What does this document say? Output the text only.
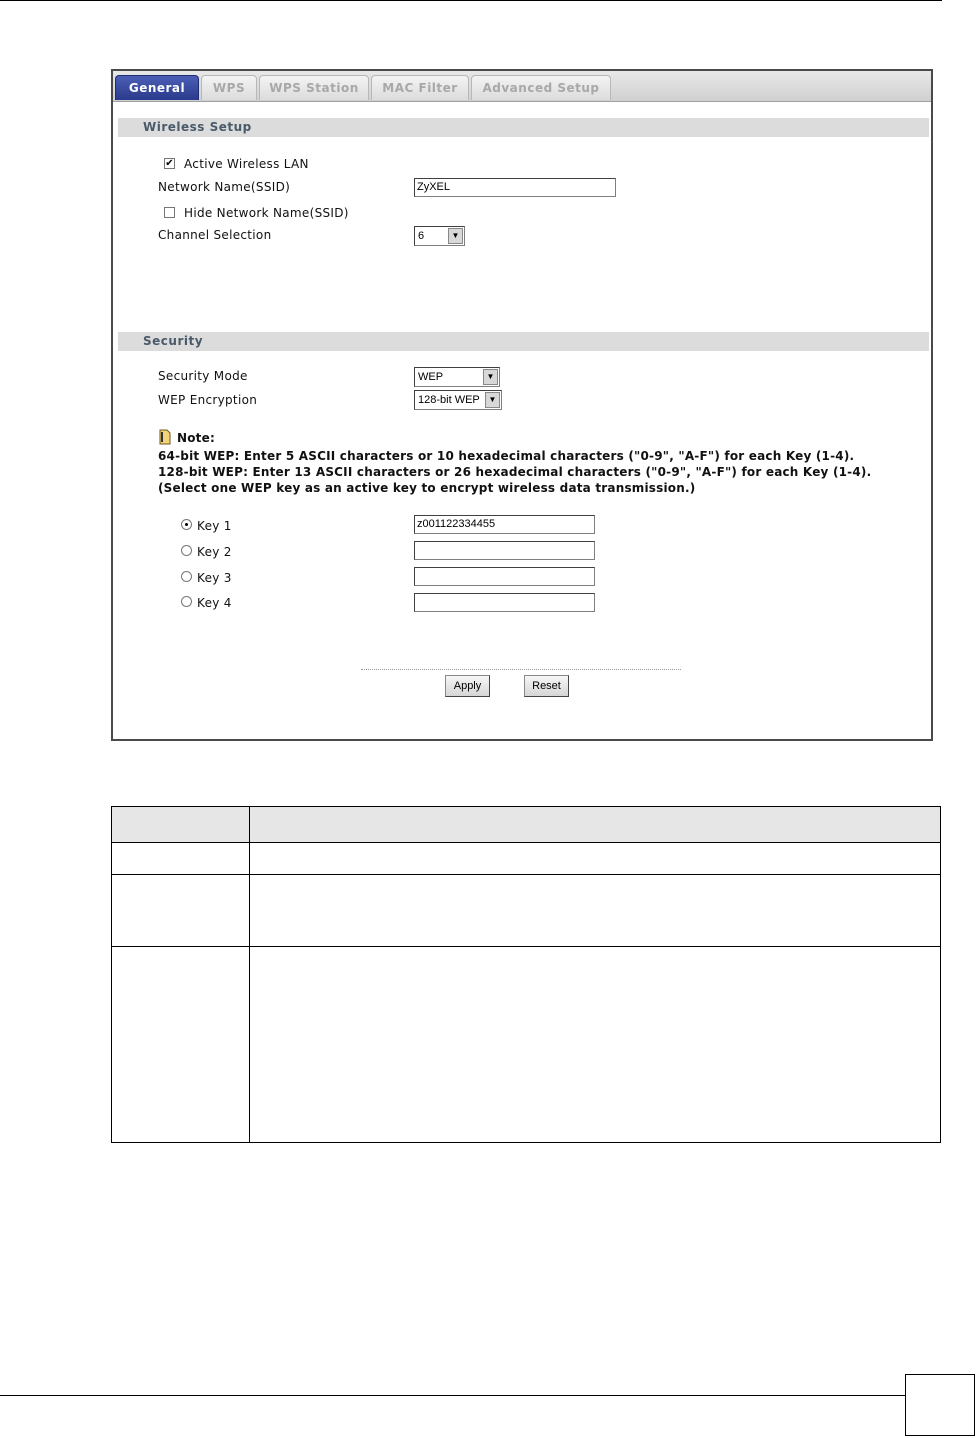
General	WPS	WPS Station	MAC Filter	Advanced Setup
Wireless Setup
✔ Active Wireless LAN
Network Name(SSID)	ZyXEL
Hide Network Name(SSID)
Channel Selection	6	▼
Security
Security Mode	WEP	▼
WEP Encryption	128-bit WEP	▼
Note:
64-bit WEP: Enter 5 ASCII characters or 10 hexadecimal characters ("0-9", "A-F") for each Key (1-4).
128-bit WEP: Enter 13 ASCII characters or 26 hexadecimal characters ("0-9", "A-F") for each Key (1-4).
(Select one WEP key as an active key to encrypt wireless data transmission.)
Key 1	z001122334455
Key 2
Key 3
Key 4
Apply	Reset
